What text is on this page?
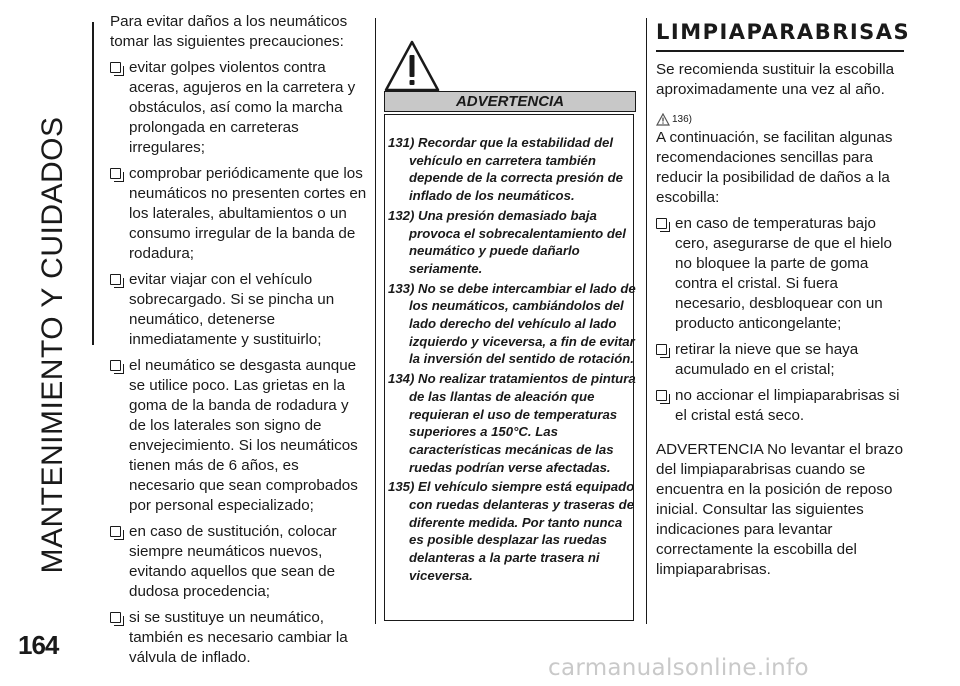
MANTENIMIENTO Y CUIDADOS
164

Para evitar daños a los neumáticos tomar las siguientes precauciones:

evitar golpes violentos contra aceras, agujeros en la carretera y obstáculos, así como la marcha prolongada en carreteras irregulares;
comprobar periódicamente que los neumáticos no presenten cortes en los laterales, abultamientos o un consumo irregular de la banda de rodadura;
evitar viajar con el vehículo sobrecargado. Si se pincha un neumático, detenerse inmediatamente y sustituirlo;
el neumático se desgasta aunque se utilice poco. Las grietas en la goma de la banda de rodadura y de los laterales son signo de envejecimiento. Si los neumáticos tienen más de 6 años, es necesario que sean comprobados por personal especializado;
en caso de sustitución, colocar siempre neumáticos nuevos, evitando aquellos que sean de dudosa procedencia;
si se sustituye un neumático, también es necesario cambiar la válvula de inflado.
ADVERTENCIA
131) Recordar que la estabilidad del vehículo en carretera también depende de la correcta presión de inflado de los neumáticos.
132) Una presión demasiado baja provoca el sobrecalentamiento del neumático y puede dañarlo seriamente.
133) No se debe intercambiar el lado de los neumáticos, cambiándolos del lado derecho del vehículo al lado izquierdo y viceversa, a fin de evitar la inversión del sentido de rotación.
134) No realizar tratamientos de pintura de las llantas de aleación que requieran el uso de temperaturas superiores a 150°C. Las características mecánicas de las ruedas podrían verse afectadas.
135) El vehículo siempre está equipado con ruedas delanteras y traseras de diferente medida. Por tanto nunca es posible desplazar las ruedas delanteras a la parte trasera ni viceversa.
LIMPIAPARABRISAS

Se recomienda sustituir la escobilla aproximadamente una vez al año.

136)

A continuación, se facilitan algunas recomendaciones sencillas para reducir la posibilidad de daños a la escobilla:

en caso de temperaturas bajo cero, asegurarse de que el hielo no bloquee la parte de goma contra el cristal. Si fuera necesario, desbloquear con un producto anticongelante;
retirar la nieve que se haya acumulado en el cristal;
no accionar el limpiaparabrisas si el cristal está seco.

ADVERTENCIA No levantar el brazo del limpiaparabrisas cuando se encuentra en la posición de reposo inicial. Consultar las siguientes indicaciones para levantar correctamente la escobilla del limpiaparabrisas.

carmanualsonline.info
